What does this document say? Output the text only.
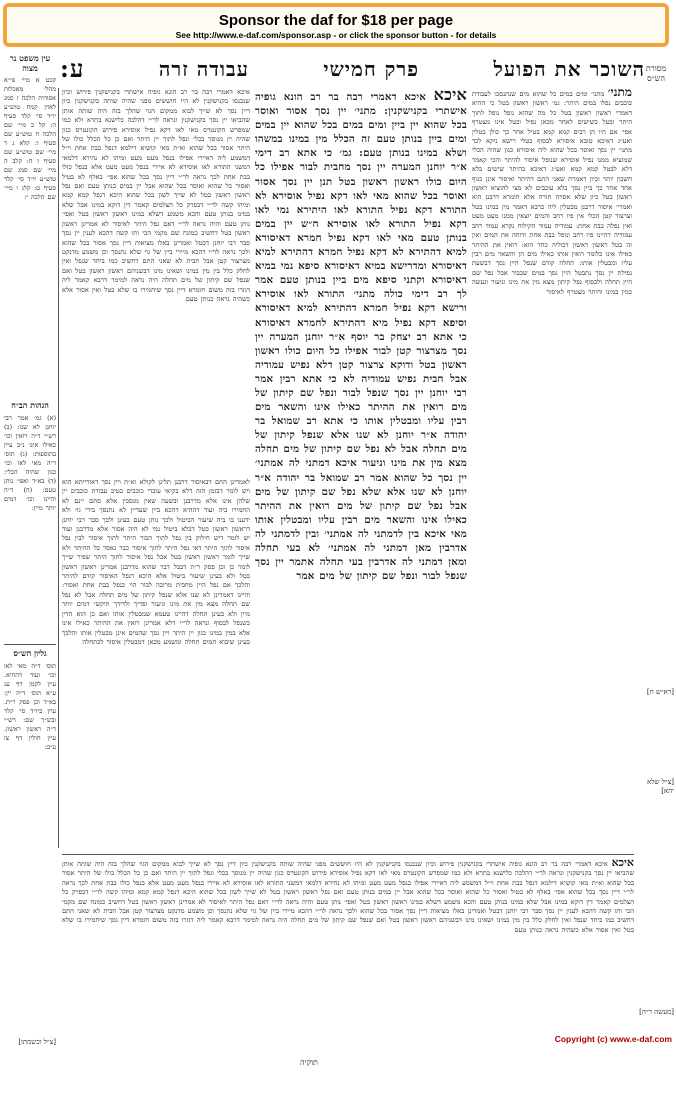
Sponsor the daf for $18 per page
See http://www.e-daf.com/sponsor.asp - or click the sponsor button - for details
השוכר את הפועל
פרק חמישי
עבודה זרה
ע:	מסורת הש״ס
עין משפט נר מצוה
קכט א מיי׳ פי״א מהל׳ מאכלות אסורות הלכה ז סמג לאוין קמח טוש״ע יו״ד סי׳ קלד סעיף ה: קל ב מיי׳ שם הלכה ח טוש״ע שם סעיף ו: קלא ג ד מיי׳ שם טוש״ע שם סעיף ז ח: קלב ה מיי׳ שם סמג שם טוש״ע יו״ד סי׳ קלד סעיף ט: קלג ו מיי׳ שם הלכה י:
איכא דאמרי רבה בר רב הונא גופיה אישתרי בקנישקנין פירוש וכיון שנכנסו בקנישקנין לא היו חוששים מפני שהיה שותה בקנישקנין כיון דיין נסך לא שייך לבוא ממקום הגוי שהלך בזה היה שותה אותן שהביאו יין נסך בקנישקנין ונראה לר״י דהלכה כלישנא בתרא ולא כמו שמפרש הקונטרס מאי לאו דקא נפיל אוסירא פירוש הקונטרס כגון שהיה יין מנוסך בכלי ונפל לתוך יין היתר ואם כן כל הכלל כולו של היתר אסור בכל שהוא וא״ת מאי קושיא דילמא דנפל בבת אחת וי״ל דמשמע ליה דאיירי אפילו בנפל מעט מעט ומיהו לא נהירא דלמאי דמשני התורא לאו אוסירא לא איירי בנפל מעט מעט אלא בנפל כולו בבת אחת לכך נראה לר״י דיין נסך בכל שהוא אפי׳ באלף לא בטיל ואסור כל שהוא ואוסר בכל שהוא אבל יין במים בנותן טעם ואם נפל ראשון ראשון בטל לא שייך לשון בכל שהוא היכא דנפל קמא קמא ומיהו קשה לר״י דבפרק כל הצלמים קאמר דין דוקא במינו אבל שלא במינו בנותן טעם והכא משמע דשלא במינו ראשון ראשון בטל ואפי׳ נותן טעם והיה נראה לר״י דאם נפל היתר לאיסור לא אמרינן ראשון ראשון בטל דחשיב כמונח שם מקמי הכי ותו קשה דהכא לענין יין נסך סבר רבי יוחנן דבטל ואמרינן באלו מציאות דיין נסך אסור בכל שהוא ולכך נראה לר״י דהכא מיירי ביין של גוי שלא נתנסך וכן משמע מדנקט מצרצור קטן אבל חבית לא שאני התם דחשיב כמו ביחד שנפל ואין לחלק כלל בין מין במינו ושאינו מינו דבשניהם ראשון ראשון בטל ואם שנפל שם קיתון של מים תחלה היה נראה למימר דרבא קאמר ליה דגזרו בזה משום חומרא דיין נסך שיחמירו בו שלא בטל ואין אסור אלא כשהיה נראה כנותן טעם
הגהות הב״ח
(א) גמ׳ אמר רבי יוחנן לא שנו: (ב) רש״י ד״ה רואין וכו׳ כאילו אינו נ״ב עיין בתוספות: (ג) תוס׳ ד״ה מאי לאו וכו׳ כגון שהיה הכלי: (ד) בא״ד ואפי׳ נותן טעם: (ה) ד״ה והיינו וכו׳ דמים יותר מיין:
גליון הש״ס
תוס׳ ד״ה מאי לאו וכו׳ ועוד דההיא. עיין לקמן דף עג ע״א תוס׳ ד״ה יין: בא״ד וכן פסק ר״ת. עיין ביו״ד סי׳ קלד ובש״ך שם: רש״י ד״ה ראשון ראשון. עיין חולין דף צז ע״ב:
לאמרינן התם דבאיסור דרבנן תלינן לקולא וא״ת ויין נסך דאורייתא הוא ויש לומר דבזמן הזה דלא בקיאי עובדי כוכבים בטיב עבודת כוכבים יין שלהן אינו אלא מדרבנן ובשעה שאין מנסכין אלא סתם יינם לא החמירו ביה ועוד דההיא דהכא ביין שעדיין לא נתנסך בידי גוי ולא ידענו בו ביה שיעור הביטול ולכך נותן טעם בעינן ולכך סבר רבי יוחנן דראשון ראשון בטל דבלא ביטול נמי לא היה אסור אלא מדרבנן ועוד יש לומר דיש חילוק בין נפל לתוך הבור היתר לתוך איסור לבין נפל איסור לתוך היתר דאי נפל היתר לתוך איסור כבר נאסר כל ההיתר ולא שייך לומר ראשון ראשון בטל אבל נפל איסור לתוך היתר שפיר שייך לומר כן וכן פסק ר״ת דבכל דבר שהוא מדרבנן אמרינן ראשון ראשון בטל ולא בעינן שיעור ביטול אלא היכא דנפל האיסור קודם להיתר והלכך אם נפל היין מחבית מרובה לבור הוי כנפל בבת אחת ואסור: והיינו דאמרינן לא שנו אלא שנפל קיתון של מים תחלה אבל לא נפל שם תחלה מצא מין את מינו וניעור ופריך ולדידך תיקשי דמים יותר מיין ולא בעינן תחלה דהיינו טעמא שמבטלין אותו ואם כן הוא הדין כשנפל לבסוף ונראה לר״י דלא אמרינן רואין את ההיתר כאילו אינו אלא במין במינו כגון יין היתר ויין נסך שהמים אינן מבטלין אותו והלכך בעינן שיבוא המים תחלה ומשמע מכאן דמבטלין איסור לכתחלה
איכא איכא דאמרי רבה בר רב הונא גופיה אישתרי בקנישקנין: מתני׳ יין נסך אסור ואוסר בכל שהוא יין ביין ומים במים בכל שהוא יין במים ומים ביין בנותן טעם זה הכלל מין במינו במשהו ושלא במינו בנותן טעם: גמ׳ כי אתא רב דימי א״ר יוחנן המערה יין נסך מחבית לבור אפילו כל היום כולו ראשון ראשון בטל תנן יין נסך אסור ואוסר בכל שהוא מאי לאו דקא נפיל אוסירא לא התורא דקא נפיל התורא לאו היתירא נמי לאו דקא נפיל התורא לאו אוסירא ח״ש יין במים בנותן טעם מאי לאו דקא נפיל חמרא דאיסורא למיא דהתירא לא דקא נפיל חמרא דהתירא למיא דאיסורא ומדרישא במיא דאיסורא סיפא נמי במיא דאיסורא וקתני סיפא מים ביין בנותן טעם אמר לך רב דימי כולה מתני׳ התורא לאו אוסירא ורישא דקא נפיל חמרא דהתירא למיא דאיסורא וסיפא דקא נפיל מיא דהתירא לחמרא דאיסורא כי אתא רב יצחק בר יוסף א״ר יוחנן המערה יין נסך מצרצור קטן לבור אפילו כל היום כולו ראשון ראשון בטל ודוקא צרצור קטן דלא נפיש עמודיה אבל חבית נפיש עמודיה לא כי אתא רבין אמר רבי יוחנן יין נסך שנפל לבור ונפל שם קיתון של מים רואין את ההיתר כאילו אינו והשאר מים רבין עליו ומבטלין אותו כי אתא רב שמואל בר יהודה א״ר יוחנן לא שנו אלא שנפל קיתון של מים תחלה אבל לא נפל שם קיתון של מים תחלה מצא מין את מינו וניעור איכא דמתני לה אמתני׳ יין נסך כל שהוא אמר רב שמואל בר יהודה א״ר יוחנן לא שנו אלא שלא נפל שם קיתון של מים אבל נפל שם קיתון של מים רואין את ההיתר כאילו אינו והשאר מים רבין עליו ומבטלין אותו מאי איכא בין לדמתני לה אמתני׳ ובין לדמתני לה אדרבין מאן דמתני לה אמתני׳ לא בעי תחלה ומאן דמתני לה אדרבין בעי תחלה אתמר יין נסך שנפל לבור ונפל שם קיתון של מים אמר
מתני׳ מתני׳ ומים במים כל שהוא מים שנתנסכו לעבודת כוכבים נפלו במים היתר: גמ׳ ראשון ראשון בטל כי ההיא דאמרי ראשון ראשון בטל כל מה שהוא נופל נופל לתוך היתר ובטל בשישים לאחר מכאן נפיל ובטל אינו מצטרף אפי׳ אם היו הן רבים קמא קמא בטיל אחר כך כולן בטלין ואע״ג דאיכא טובא איסורא לבסוף בטלי רישא ניקא לכד מתני׳ יין נסך ואוסר בכל שהוא ליה איסורא כגון שהיה הכלי שמוציא ממנו נפיל אוסירא שנופל איסור להיתר והכי קאמר דלא לבטל קמא קמא ואע״ג דאיכא בהיתר שישים בלא חשבון יותר וכיון דאמרת שאני התם דהיתר ואיסור אינן כגוף אחד אחר כך ביין נסך בלא עוכבים לא מצי להוציא ראשון ראשון בטל כיון שלא אסרה תורה אלא חומרא דרבנן הוא ואמרי׳ איסור דרבנן מבטלין ליה כרבא דאמר מין במינו בטל וצרצור קטן הכלי אין פיו רחב והמים יוצאין ממנו מעט מעט ואין נפלה בבת אחת: עמודיה עמוד הקילוח נקרא עמוד רחב עמודיה דהיינו פיו רחב ונופל בבת אחת ודוחה את המים ואין זה בטל ראשון ראשון דכוליה כחד הוא: רואין את ההיתר כאילו אינו כלומר רואין אותו כאילו מים הן והשאר מים רבין עליו ומבטלין אותו: תחלה קודם שנפל היין נסך דבשעת נפילת יין נסך נתבטל היין נסך במים שבבור אבל נפל שם היין תחלה ולבסוף נפל קיתון מצא מין את מינו וניעור ונעשה כמין במינו והיתר מצטרף לאיסור
[רא״ש ח]
[צ״ל שלא יהא]
[מעשה ר״ה]
[צ״ל וכשמתו]
איכא איכא דאמרי רבה בר רב הונא גופיה אישתרי בקנישקנין פירוש וכיון שנכנסו בקנישקנין לא היו חוששים מפני שהיה שותה בקנישקנין כיון דיין נסך לא שייך לבוא ממקום הגוי שהלך בזה היה שותה אותן שהביאו יין נסך בקנישקנין ונראה לר״י דהלכה כלישנא בתרא ולא כמו שמפרש הקונטרס מאי לאו דקא נפיל אוסירא פירוש הקונטרס כגון שהיה יין מנוסך בכלי ונפל לתוך יין היתר ואם כן כל הכלל כולו של היתר אסור בכל שהוא וא״ת מאי קושיא דילמא דנפל בבת אחת וי״ל דמשמע ליה דאיירי אפילו בנפל מעט מעט ומיהו לא נהירא דלמאי דמשני התורא לאו אוסירא לא איירי בנפל מעט מעט אלא בנפל כולו בבת אחת לכך נראה לר״י דיין נסך בכל שהוא אפי׳ באלף לא בטיל ואסור כל שהוא ואוסר בכל שהוא אבל יין במים בנותן טעם ואם נפל ראשון ראשון בטל לא שייך לשון בכל שהוא היכא דנפל קמא קמא ומיהו קשה לר״י דבפרק כל הצלמים קאמר דין דוקא במינו אבל שלא במינו בנותן טעם והכא משמע דשלא במינו ראשון ראשון בטל ואפי׳ נותן טעם והיה נראה לר״י דאם נפל היתר לאיסור לא אמרינן ראשון ראשון בטל דחשיב כמונח שם מקמי הכי ותו קשה דהכא לענין יין נסך סבר רבי יוחנן דבטל ואמרינן באלו מציאות דיין נסך אסור בכל שהוא ולכך נראה לר״י דהכא מיירי ביין של גוי שלא נתנסך וכן משמע מדנקט מצרצור קטן אבל חבית לא שאני התם דחשיב כמו ביחד שנפל ואין לחלק כלל בין מין במינו ושאינו מינו דבשניהם ראשון ראשון בטל ואם שנפל שם קיתון של מים תחלה היה נראה למימר דרבא קאמר ליה דגזרו בזה משום חומרא דיין נסך שיחמירו בו שלא בטל ואין אסור אלא כשהיה נראה כנותן טעם
תוקיה
Copyright (c) www.e-daf.com
